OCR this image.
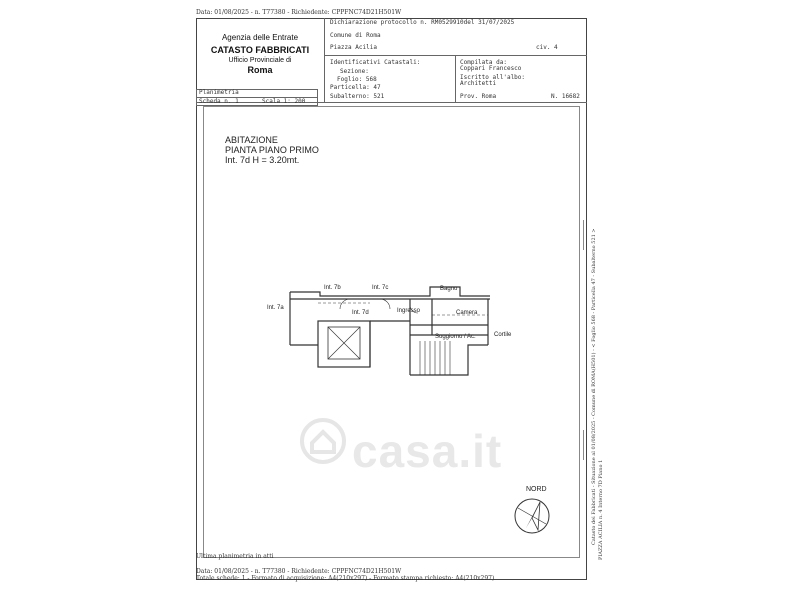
Data: 01/08/2025 - n. T77380 - Richiedente: CPPFNC74D21H501W
Agenzia delle Entrate
CATASTO FABBRICATI
Ufficio Provinciale di
Roma
Dichiarazione protocollo n. RM0529910del 31/07/2025
Comune di Roma
Piazza Acilia	civ. 4
Identificativi Catastali:
Sezione:
Foglio: 568
Particella: 47
Subalterno: 521
Compilata da:
Coppari Francesco
Iscritto all'albo:
Architetti
Prov. Roma	N. 16682
Planimetria
Scheda n. 1	Scala 1: 200
ABITAZIONE
PIANTA PIANO PRIMO
Int. 7d H = 3.20mt.
casa.it
Int. 7b	Int. 7c
Int. 7a
Int. 7d
Bagno
Ingresso	Camera
Soggiorno / Ac.	Cortile
NORD	Catasto dei Fabbricati - Situazione al 01/08/2025 - Comune di ROMA(H501) - < Foglio 568 - Particella 47 - Subalterno 521 > PIAZZA ACILIA n. 4 Interno 7D Piano 1
Ultima planimetria in atti
Data: 01/08/2025 - n. T77380 - Richiedente: CPPFNC74D21H501W
Totale schede: 1 - Formato di acquisizione: A4(210x297) - Formato stampa richiesto: A4(210x297)
